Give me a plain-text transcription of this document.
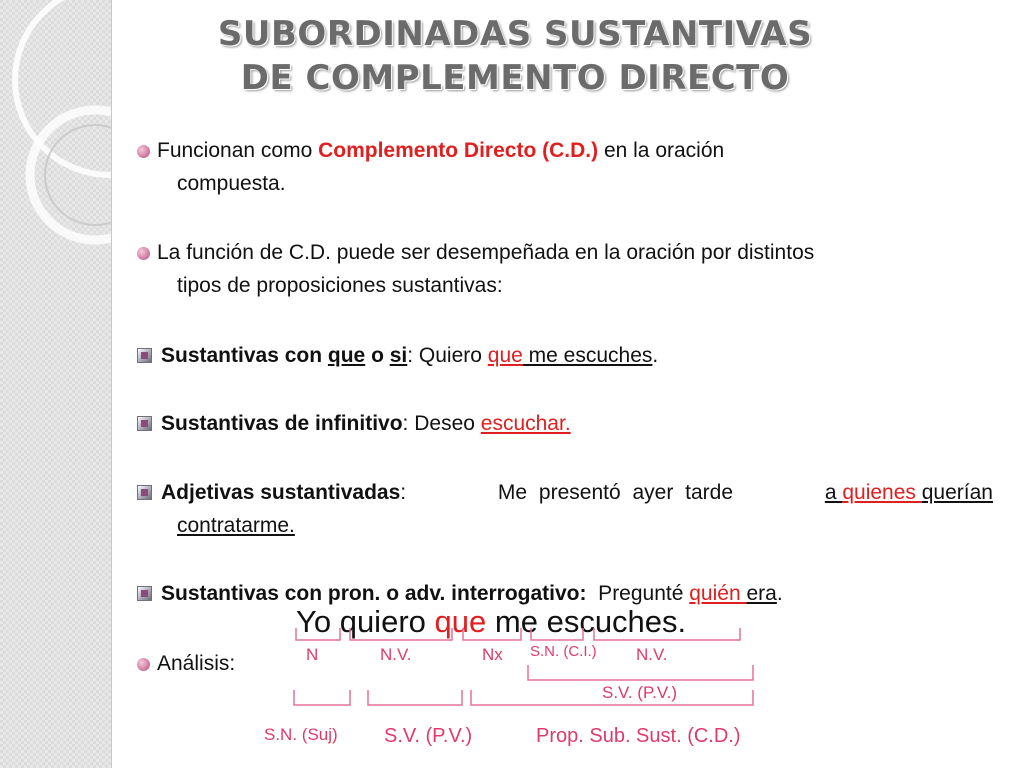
SUBORDINADAS SUSTANTIVAS
DE COMPLEMENTO DIRECTO
Funcionan como Complemento Directo (C.D.) en la oración
compuesta.
La función de C.D. puede ser desempeñada en la oración por distintos
tipos de proposiciones sustantivas:
Sustantivas con que o si: Quiero que me escuches.
Sustantivas de infinitivo: Deseo escuchar.
Adjetivas sustantivadas:	Me presentó ayer tarde	a quienes querían
contratarme.
Sustantivas con pron. o adv. interrogativo:  Pregunté quién era.
Análisis:
Yo quiero que me escuches.
N	N.V.	Nx S.N. (C.I.) N.V.
S.V. (P.V.)
S.N. (Suj) S.V. (P.V.)	Prop. Sub. Sust. (C.D.)
